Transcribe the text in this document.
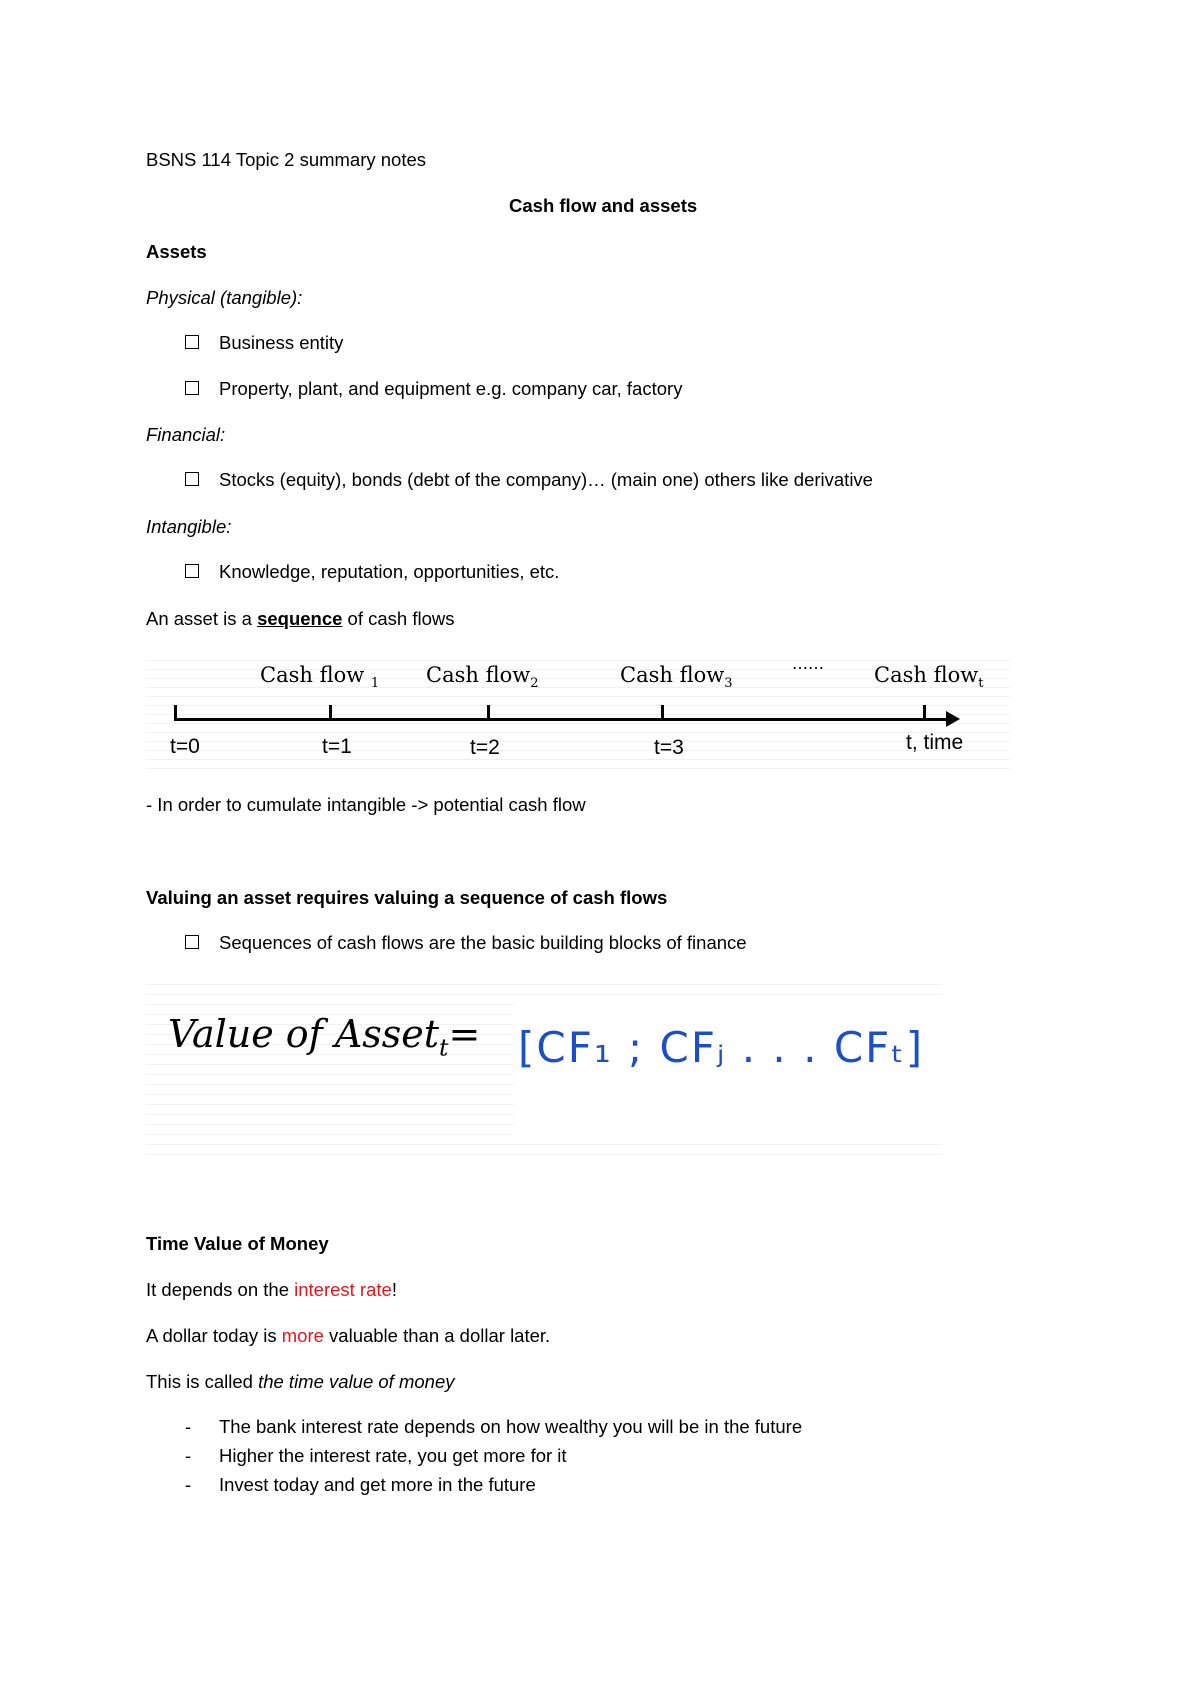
BSNS 114 Topic 2 summary notes
Cash flow and assets
Assets
Physical (tangible):
Business entity
Property, plant, and equipment e.g. company car, factory
Financial:
Stocks (equity), bonds (debt of the company)… (main one) others like derivative
Intangible:
Knowledge, reputation, opportunities, etc.
An asset is a sequence of cash flows
Cash flow $_1$ Cash flow$_2$	Cash flow$_3$
…… Cash flow$_t$
t=0	t=1	t=2	t=3	t, time
- In order to cumulate intangible -> potential cash flow
Valuing an asset requires valuing a sequence of cash flows
Sequences of cash flows are the basic building blocks of finance
Value of Asset$_t$= [CF₁ ; CFⱼ . . . CFₜ]
Time Value of Money
It depends on the interest rate!
A dollar today is more valuable than a dollar later.
This is called the time value of money
- The bank interest rate depends on how wealthy you will be in the future
- Higher the interest rate, you get more for it
- Invest today and get more in the future
